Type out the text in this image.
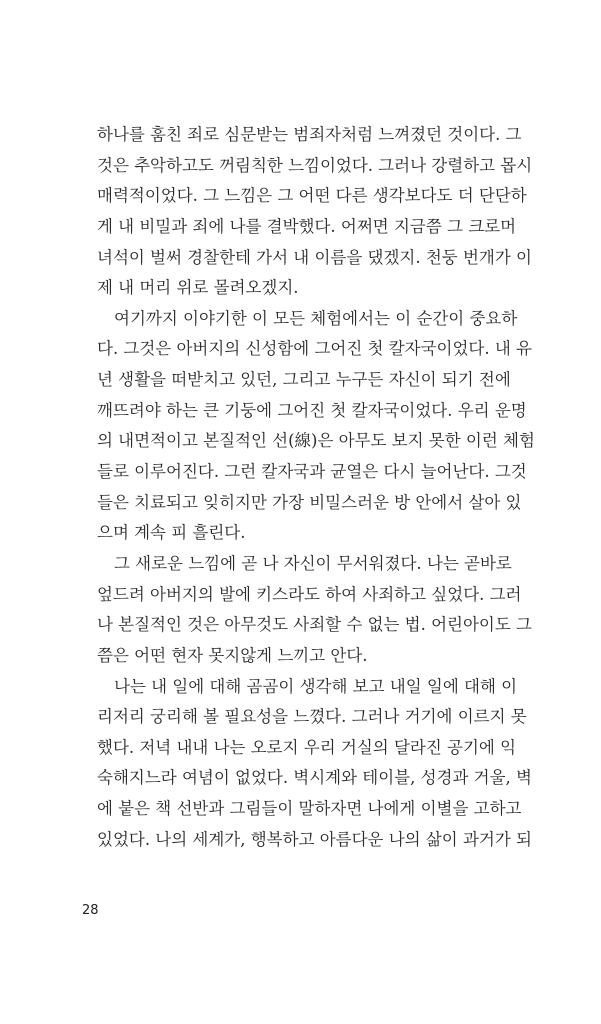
하나를 훔친 죄로 심문받는 범죄자처럼 느껴졌던 것이다. 그
것은 추악하고도 꺼림칙한 느낌이었다. 그러나 강렬하고 몹시
매력적이었다. 그 느낌은 그 어떤 다른 생각보다도 더 단단하
게 내 비밀과 죄에 나를 결박했다. 어쩌면 지금쯤 그 크로머
녀석이 벌써 경찰한테 가서 내 이름을 댔겠지. 천둥 번개가 이
제 내 머리 위로 몰려오겠지.
여기까지 이야기한 이 모든 체험에서는 이 순간이 중요하
다. 그것은 아버지의 신성함에 그어진 첫 칼자국이었다. 내 유
년 생활을 떠받치고 있던, 그리고 누구든 자신이 되기 전에
깨뜨려야 하는 큰 기둥에 그어진 첫 칼자국이었다. 우리 운명
의 내면적이고 본질적인 선(線)은 아무도 보지 못한 이런 체험
들로 이루어진다. 그런 칼자국과 균열은 다시 늘어난다. 그것
들은 치료되고 잊히지만 가장 비밀스러운 방 안에서 살아 있
으며 계속 피 흘린다.
그 새로운 느낌에 곧 나 자신이 무서워졌다. 나는 곧바로
엎드려 아버지의 발에 키스라도 하여 사죄하고 싶었다. 그러
나 본질적인 것은 아무것도 사죄할 수 없는 법. 어린아이도 그
쯤은 어떤 현자 못지않게 느끼고 안다.
나는 내 일에 대해 곰곰이 생각해 보고 내일 일에 대해 이
리저리 궁리해 볼 필요성을 느꼈다. 그러나 거기에 이르지 못
했다. 저녁 내내 나는 오로지 우리 거실의 달라진 공기에 익
숙해지느라 여념이 없었다. 벽시계와 테이블, 성경과 거울, 벽
에 붙은 책 선반과 그림들이 말하자면 나에게 이별을 고하고
있었다. 나의 세계가, 행복하고 아름다운 나의 삶이 과거가 되
28
